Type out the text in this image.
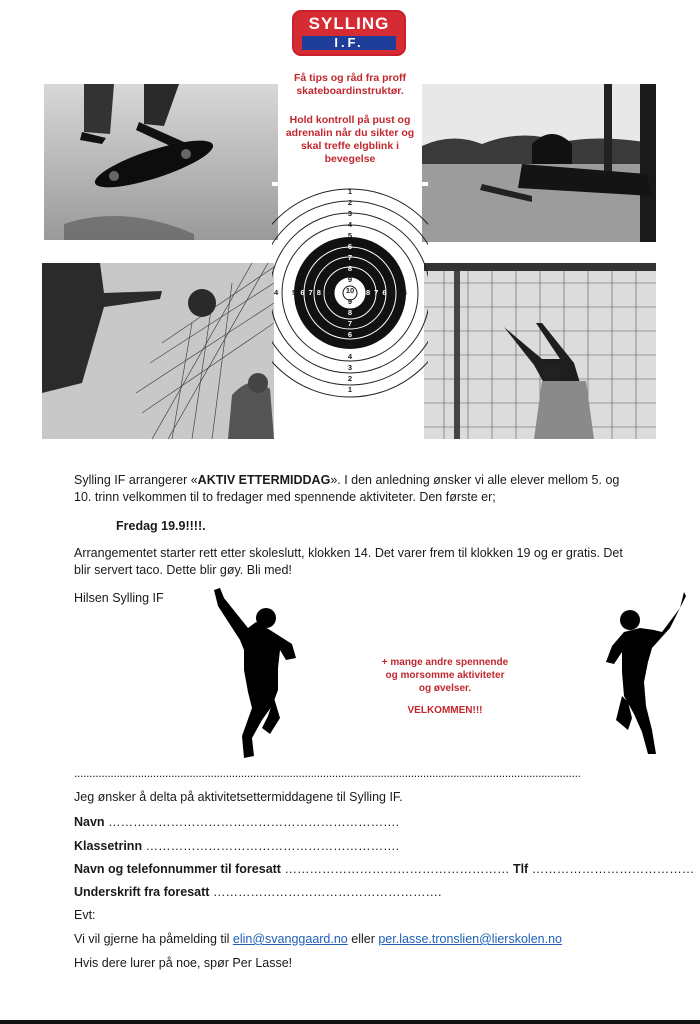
SYLLING
I.F.
Få tips og råd fra proff skateboardinstruktør.
Hold kontroll på pust og adrenalin når du sikter og skal treffe elgblink i bevegelse
1
2
3
4
5
6
7
8
9
10
9
8
7
6
5
4
3
2
1
4 5 6 7 8	8 7 6 5 4
Sylling IF arrangerer «AKTIV ETTERMIDDAG». I den anledning ønsker vi alle elever mellom 5. og 10. trinn velkommen til to fredager med spennende aktiviteter. Den første er;
Fredag 19.9!!!!.
Arrangementet starter rett etter skoleslutt, klokken 14. Det varer frem til klokken 19 og er gratis. Det blir servert taco. Dette blir gøy. Bli med!
Hilsen Sylling IF
+ mange andre spennende
og morsomme aktiviteter
og øvelser.
VELKOMMEN!!!
.......................................................................................................................................................................
Jeg ønsker å delta på aktivitetsettermiddagene til Sylling IF.
Navn …………………………………………………………….
Klassetrinn …………………………………………………….
Navn og telefonnummer til foresatt ……………………………………………… Tlf …………………………………
Underskrift fra foresatt ……………………………………………….
Evt:
Vi vil gjerne ha påmelding til elin@svanggaard.no eller per.lasse.tronslien@lierskolen.no
Hvis dere lurer på noe, spør Per Lasse!
